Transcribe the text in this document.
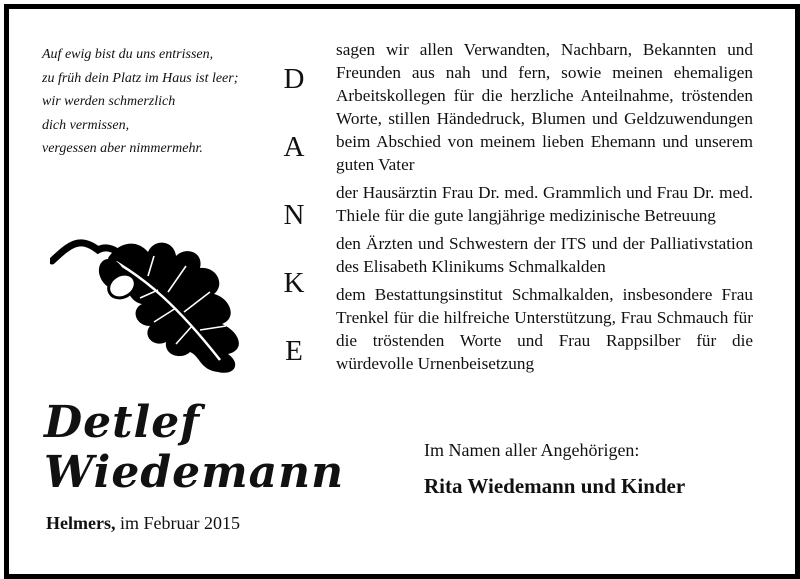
Auf ewig bist du uns entrissen,
zu früh dein Platz im Haus ist leer;
wir werden schmerzlich
dich vermissen,
vergessen aber nimmermehr.
D
A
N
K
E

sagen wir allen Verwandten, Nachbarn, Bekannten und Freunden aus nah und fern, sowie meinen ehemaligen Arbeitskollegen für die herzliche Anteilnahme, tröstenden Worte, stillen Händedruck, Blumen und Geldzuwendungen beim Abschied von meinem lieben Ehemann und unserem guten Vater

der Hausärztin Frau Dr. med. Grammlich und Frau Dr. med. Thiele für die gute langjährige medizinische Betreuung

den Ärzten und Schwestern der ITS und der Palliativstation des Elisabeth Klinikums Schmalkalden

dem Bestattungsinstitut Schmalkalden, insbesondere Frau Trenkel für die hilfreiche Unterstützung, Frau Schmauch für die tröstenden Worte und Frau Rappsilber für die würdevolle Urnenbeisetzung

Detlef
Wiedemann
Helmers, im Februar 2015
Im Namen aller Angehörigen:
Rita Wiedemann und Kinder
